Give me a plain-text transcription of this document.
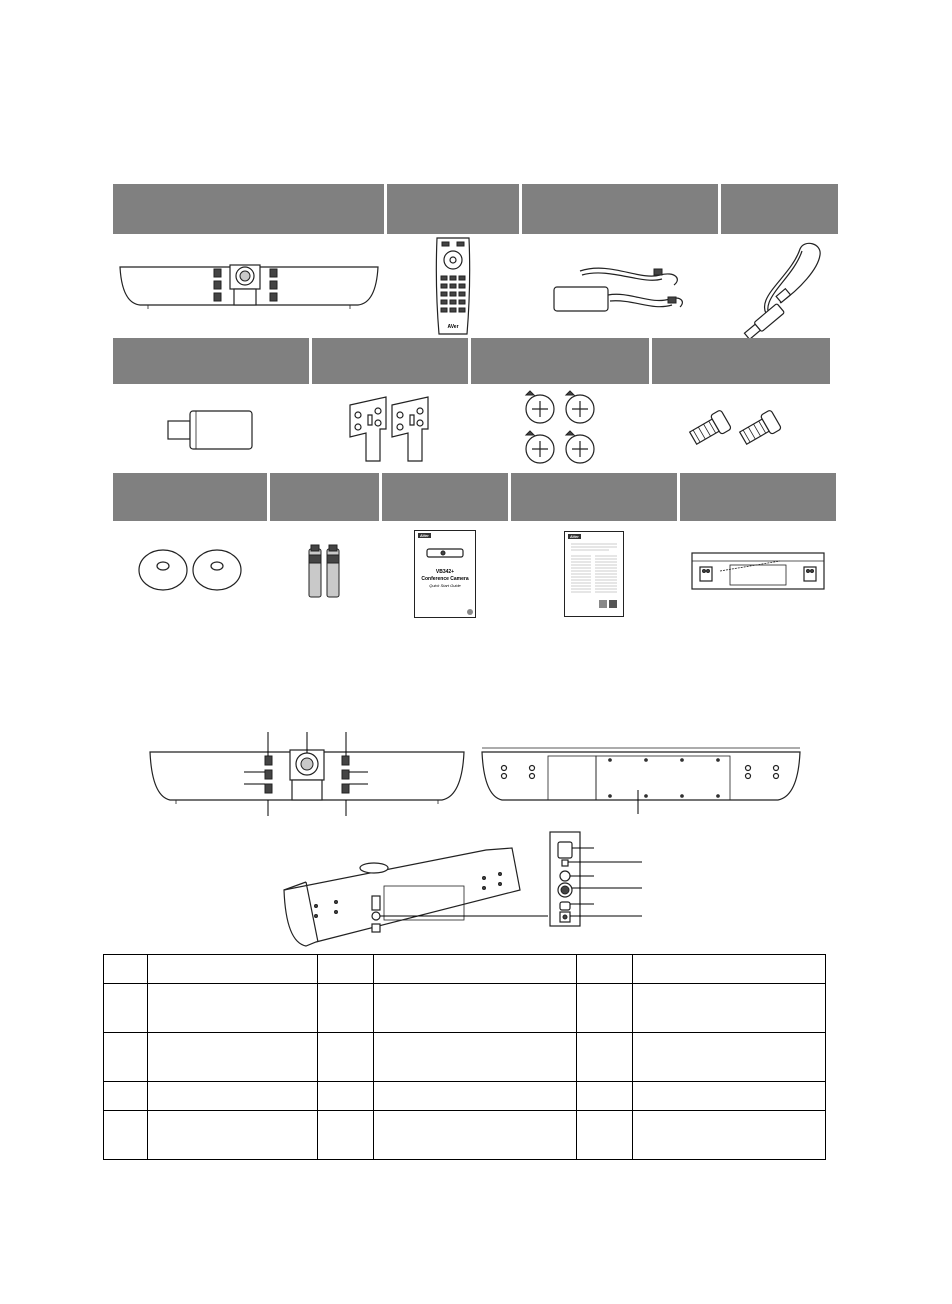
AVer
AVer
VB342+
Conference Camera
Quick Start Guide
AVer
